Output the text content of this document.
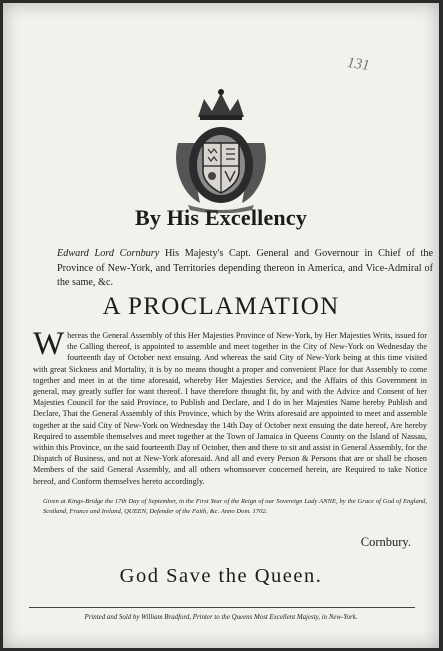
131
By His Excellency
Edward Lord Cornbury His Majesty's Capt. General and Governour in Chief of the Province of New-York, and Territories depending thereon in America, and Vice-Admiral of the same, &c.
A PROCLAMATION
Whereas the General Assembly of this Her Majesties Province of New-York, by Her Majesties Writs, issued for the Calling thereof, is appointed to assemble and meet together in the City of New-York on Wednesday the fourteenth day of October next ensuing. And whereas the said City of New-York being at this time visited with great Sickness and Mortality, it is by no means thought a proper and convenient Place for that Assembly to come together and meet in at the time aforesaid, whereby Her Majesties Service, and the Affairs of this Government in general, may greatly suffer for want thereof. I have therefore thought fit, by and with the Advice and Consent of her Majesties Council for the said Province, to Publish and Declare, and I do in her Majesties Name hereby Publish and Declare, That the General Assembly of this Province, which by the Writs aforesaid are appointed to meet and assemble together at the said City of New-York on Wednesday the 14th Day of October next ensuing the date hereof, Are hereby Required to assemble themselves and meet together at the Town of Jamaica in Queens County on the Island of Nassau, within this Province, on the said fourteenth Day of October, then and there to sit and assist in General Assembly, for the Dispatch of Business, and not at New-York aforesaid. And all and every Person & Persons that are or shall be chosen Members of the said General Assembly, and all others whomsoever concerned herein, are Required to take Notice hereof, and Conform themselves hereto accordingly.
Given at Kings-Bridge the 17th Day of September, in the First Year of the Reign of our Sovereign Lady ANNE, by the Grace of God of England, Scotland, France and Ireland, QUEEN, Defender of the Faith, &c. Anno Dom. 1702.
Cornbury.
God Save the Queen.
Printed and Sold by William Bradford, Printer to the Queens Most Excellent Majesty, in New-York.
